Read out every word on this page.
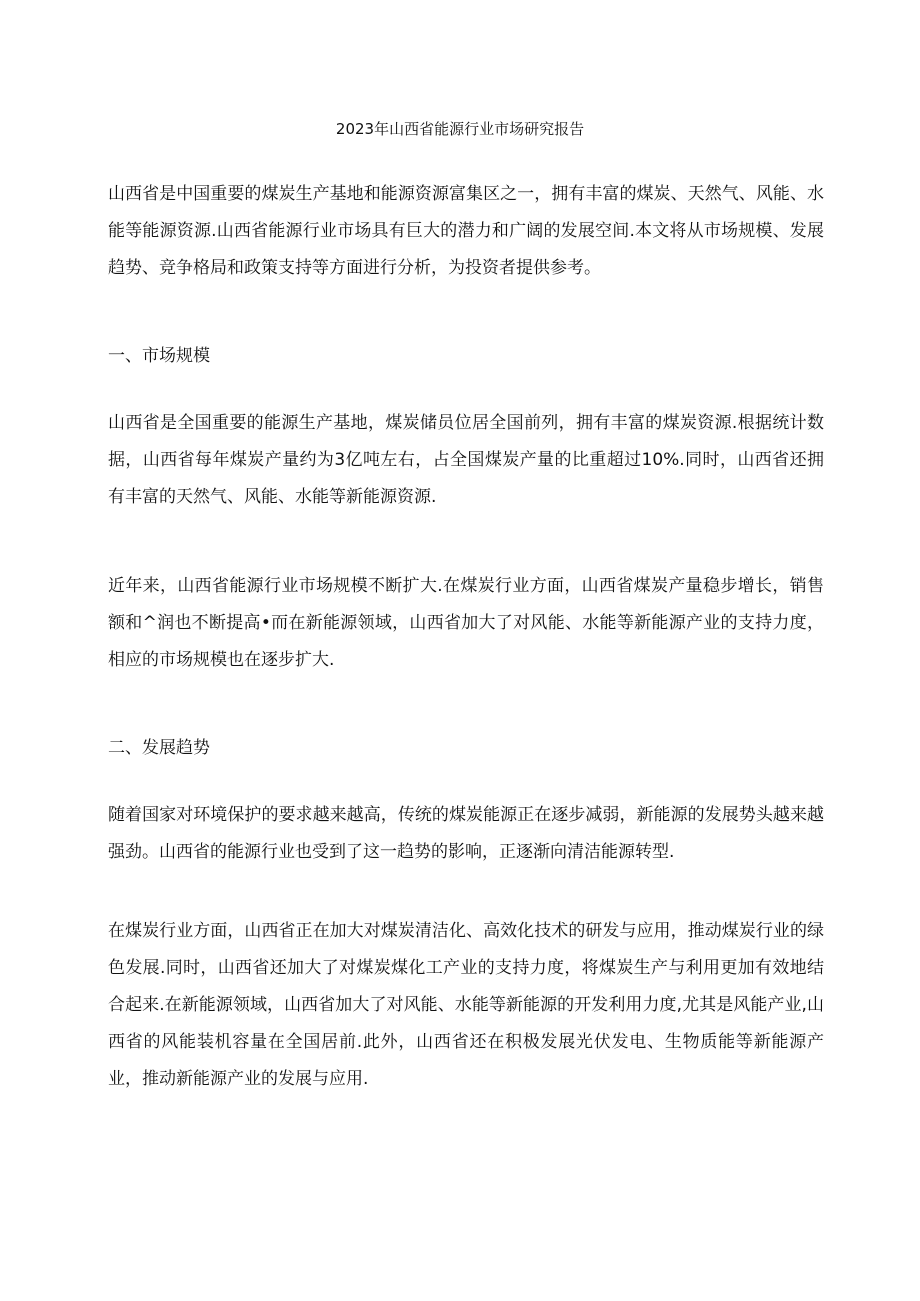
2023年山西省能源行业市场研究报告

山西省是中国重要的煤炭生产基地和能源资源富集区之一，拥有丰富的煤炭、天然气、风能、水能等能源资源.山西省能源行业市场具有巨大的潜力和广阔的发展空间.本文将从市场规模、发展趋势、竞争格局和政策支持等方面进行分析，为投资者提供参考。

一、市场规模

山西省是全国重要的能源生产基地，煤炭储员位居全国前列，拥有丰富的煤炭资源.根据统计数据，山西省每年煤炭产量约为3亿吨左右，占全国煤炭产量的比重超过10%.同时，山西省还拥有丰富的天然气、风能、水能等新能源资源.

近年来，山西省能源行业市场规模不断扩大.在煤炭行业方面，山西省煤炭产量稳步增长，销售额和^润也不断提高•而在新能源领域，山西省加大了对风能、水能等新能源产业的支持力度，相应的市场规模也在逐步扩大.

二、发展趋势

随着国家对环境保护的要求越来越高，传统的煤炭能源正在逐步减弱，新能源的发展势头越来越强劲。山西省的能源行业也受到了这一趋势的影响，正逐渐向清洁能源转型.

在煤炭行业方面，山西省正在加大对煤炭清洁化、高效化技术的研发与应用，推动煤炭行业的绿色发展.同时，山西省还加大了对煤炭煤化工产业的支持力度，将煤炭生产与利用更加有效地结合起来.在新能源领域，山西省加大了对风能、水能等新能源的开发利用力度,尤其是风能产业,山西省的风能装机容量在全国居前.此外，山西省还在积极发展光伏发电、生物质能等新能源产业，推动新能源产业的发展与应用.
